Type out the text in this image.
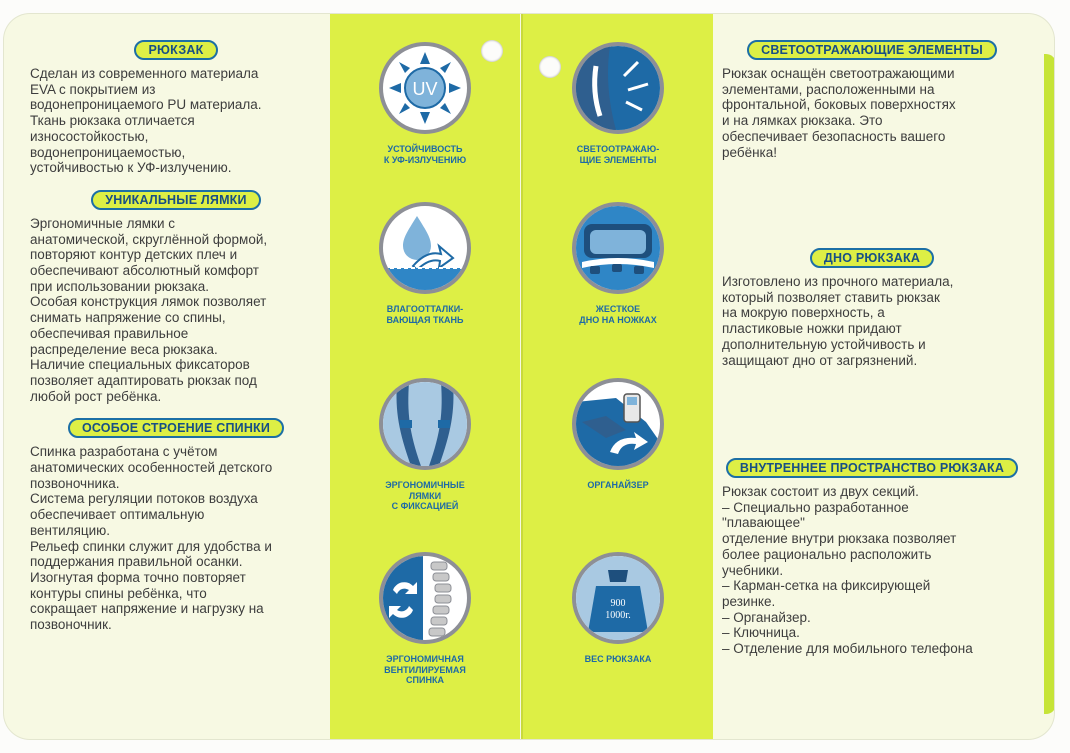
РЮКЗАК

Сделан из современного материала
EVA с покрытием из
водонепроницаемого PU материала.
Ткань рюкзака отличается
износостойкостью,
водонепроницаемостью,
устойчивостью к УФ-излучению.

УНИКАЛЬНЫЕ ЛЯМКИ

Эргономичные лямки с
анатомической, скруглённой формой,
повторяют контур детских плеч и
обеспечивают абсолютный комфорт
при использовании рюкзака.
Особая конструкция лямок позволяет
снимать напряжение со спины,
обеспечивая правильное
распределение веса рюкзака.
Наличие специальных фиксаторов
позволяет адаптировать рюкзак под
любой рост ребёнка.

ОСОБОЕ СТРОЕНИЕ СПИНКИ

Спинка разработана с учётом
анатомических особенностей детского
позвоночника.
Система регуляции потоков воздуха
обеспечивает оптимальную
вентиляцию.
Рельеф спинки служит для удобства и
поддержания правильной осанки.
Изогнутая форма точно повторяет
контуры спины ребёнка, что
сокращает напряжение и нагрузку на
позвоночник.

UV
УСТОЙЧИВОСТЬ
К УФ-ИЗЛУЧЕНИЮ
ВЛАГООТТАЛКИ-
ВАЮЩАЯ ТКАНЬ
ЭРГОНОМИЧНЫЕ
ЛЯМКИ
С ФИКСАЦИЕЙ
ЭРГОНОМИЧНАЯ
ВЕНТИЛИРУЕМАЯ
СПИНКА
СВЕТООТРАЖАЮ-
ЩИЕ ЭЛЕМЕНТЫ
ЖЕСТКОЕ
ДНО НА НОЖКАХ
ОРГАНАЙЗЕР
900
1000г.
ВЕС РЮКЗАКА
СВЕТООТРАЖАЮЩИЕ ЭЛЕМЕНТЫ

Рюкзак оснащён светоотражающими
элементами, расположенными на
фронтальной, боковых поверхностях
и на лямках рюкзака. Это
обеспечивает безопасность вашего
ребёнка!

ДНО РЮКЗАКА

Изготовлено из прочного материала,
который позволяет ставить рюкзак
на мокрую поверхность, а
пластиковые ножки придают
дополнительную устойчивость и
защищают дно от загрязнений.

ВНУТРЕННЕЕ ПРОСТРАНСТВО РЮКЗАКА

Рюкзак состоит из двух секций.
– Специально разработанное
"плавающее"
отделение внутри рюкзака позволяет
более рационально расположить
учебники.
– Карман-сетка на фиксирующей
резинке.
– Органайзер.
– Ключница.
– Отделение для мобильного телефона
